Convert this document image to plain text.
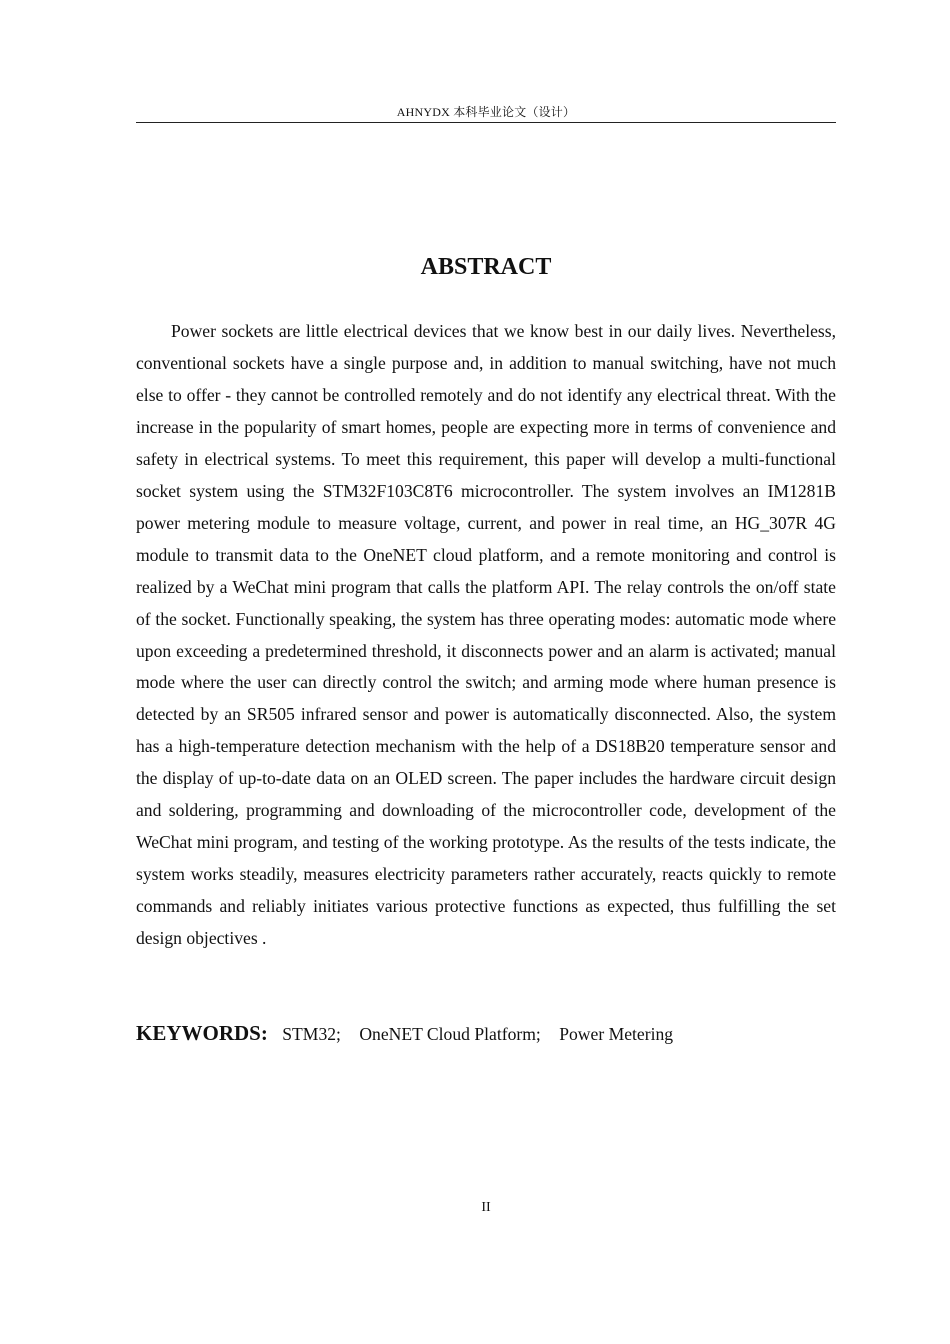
AHNYDX 本科毕业论文（设计）
ABSTRACT

Power sockets are little electrical devices that we know best in our daily lives. Nevertheless, conventional sockets have a single purpose and, in addition to manual switching, have not much else to offer - they cannot be controlled remotely and do not identify any electrical threat. With the increase in the popularity of smart homes, people are expecting more in terms of convenience and safety in electrical systems. To meet this requirement, this paper will develop a multi-functional socket system using the STM32F103C8T6 microcontroller. The system involves an IM1281B power metering module to measure voltage, current, and power in real time, an HG_307R 4G module to transmit data to the OneNET cloud platform, and a remote monitoring and control is realized by a WeChat mini program that calls the platform API. The relay controls the on/off state of the socket. Functionally speaking, the system has three operating modes: automatic mode where upon exceeding a predetermined threshold, it disconnects power and an alarm is activated; manual mode where the user can directly control the switch; and arming mode where human presence is detected by an SR505 infrared sensor and power is automatically disconnected. Also, the system has a high-temperature detection mechanism with the help of a DS18B20 temperature sensor and the display of up-to-date data on an OLED screen. The paper includes the hardware circuit design and soldering, programming and downloading of the microcontroller code, development of the WeChat mini program, and testing of the working prototype. As the results of the tests indicate, the system works steadily, measures electricity parameters rather accurately, reacts quickly to remote commands and reliably initiates various protective functions as expected, thus fulfilling the set design objectives .

KEYWORDS: STM32; OneNET Cloud Platform; Power Metering
II
